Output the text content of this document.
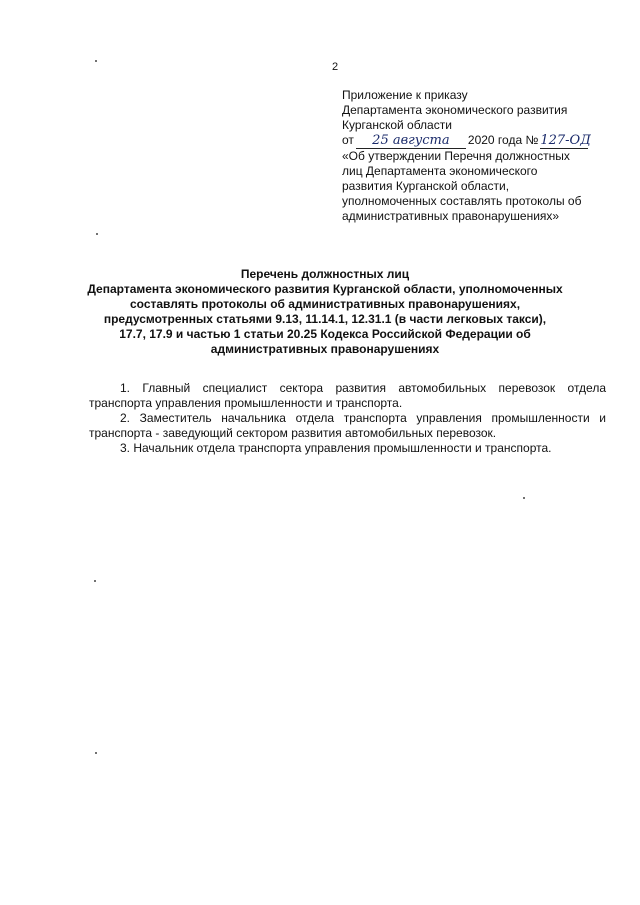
2
Приложение к приказу
Департамента экономического развития
Курганской области
от	25 августа	2020 года № 127-ОД
«Об утверждении Перечня должностных
лиц Департамента экономического
развития Курганской области,
уполномоченных составлять протоколы об
административных правонарушениях»
Перечень должностных лиц
Департамента экономического развития Курганской области, уполномоченных
составлять протоколы об административных правонарушениях,
предусмотренных статьями 9.13, 11.14.1, 12.31.1 (в части легковых такси),
17.7, 17.9 и частью 1 статьи 20.25 Кодекса Российской Федерации об
административных правонарушениях

1. Главный специалист сектора развития автомобильных перевозок отдела транспорта управления промышленности и транспорта.

2. Заместитель начальника отдела транспорта управления промышленности и транспорта - заведующий сектором развития автомобильных перевозок.

3. Начальник отдела транспорта управления промышленности и транспорта.
